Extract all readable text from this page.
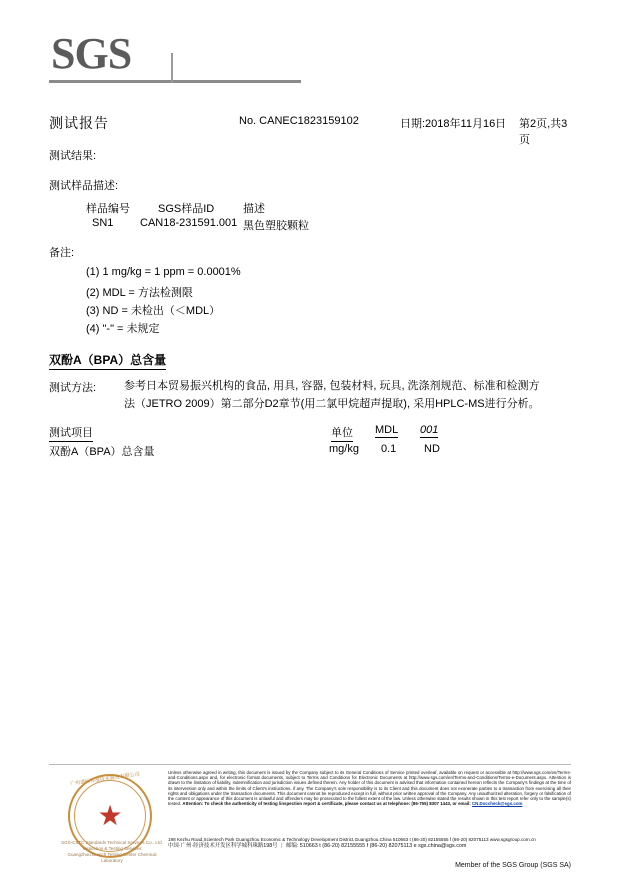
SGS
测试报告	No. CANEC1823159102	日期:2018年11月16日 第2页,共3页
测试结果:
测试样品描述:
样品编号	SGS样品ID	描述
SN1 CAN18-231591.001 黑色塑胶颗粒
备注:
(1) 1 mg/kg = 1 ppm = 0.0001%
(2) MDL = 方法检测限
(3) ND = 未检出（＜MDL）
(4) "-" = 未规定
双酚A（BPA）总含量
测试方法:	参考日本贸易振兴机构的食品, 用具, 容器, 包装材料, 玩具, 洗涤剂规范、标准和检测方
法（JETRO 2009）第二部分D2章节(用二氯甲烷超声提取), 采用HPLC-MS进行分析。
测试项目	单位 MDL 001
双酚A（BPA）总含量	mg/kg 0.1	ND
广州通标标准技术服务有限公司
★
SGS-CSTC Standards Technical Services Co., Ltd.
Inspection & Testing Services
Guangzhou Branch Testing Center Chemical Laboratory
Unless otherwise agreed in writing, this document is issued by the Company subject to its General Conditions of Service printed overleaf, available on request or accessible at http://www.sgs.com/en/Terms-and-Conditions.aspx and, for electronic format documents, subject to Terms and Conditions for Electronic Documents at http://www.sgs.com/en/Terms-and-Conditions/Terms-e-Document.aspx. Attention is drawn to the limitation of liability, indemnification and jurisdiction issues defined therein. Any holder of this document is advised that information contained hereon reflects the Company's findings at the time of its intervention only and within the limits of Client's instructions, if any. The Company's sole responsibility is to its Client and this document does not exonerate parties to a transaction from exercising all their rights and obligations under the transaction documents. This document cannot be reproduced except in full, without prior written approval of the Company. Any unauthorized alteration, forgery or falsification of the content or appearance of this document is unlawful and offenders may be prosecuted to the fullest extent of the law. Unless otherwise stated the results shown in this test report refer only to the sample(s) tested. Attention: To check the authenticity of testing /inspection report & certificate, please contact us at telephone: (86-755) 8307 1443, or email: CN.Doccheck@sgs.com
198 Kezhu Road,Scientech Park Guangzhou Economic & Technology Development District,Guangzhou,China 510663 t (86-20) 82155555 f (86-20) 82075113 www.sgsgroup.com.cn
中国·广州·经济技术开发区科学城科珠路198号 | 邮编: 510663 t (86-20) 82155555 f (86-20) 82075113 e sgs.china@sgs.com
Member of the SGS Group (SGS SA)
